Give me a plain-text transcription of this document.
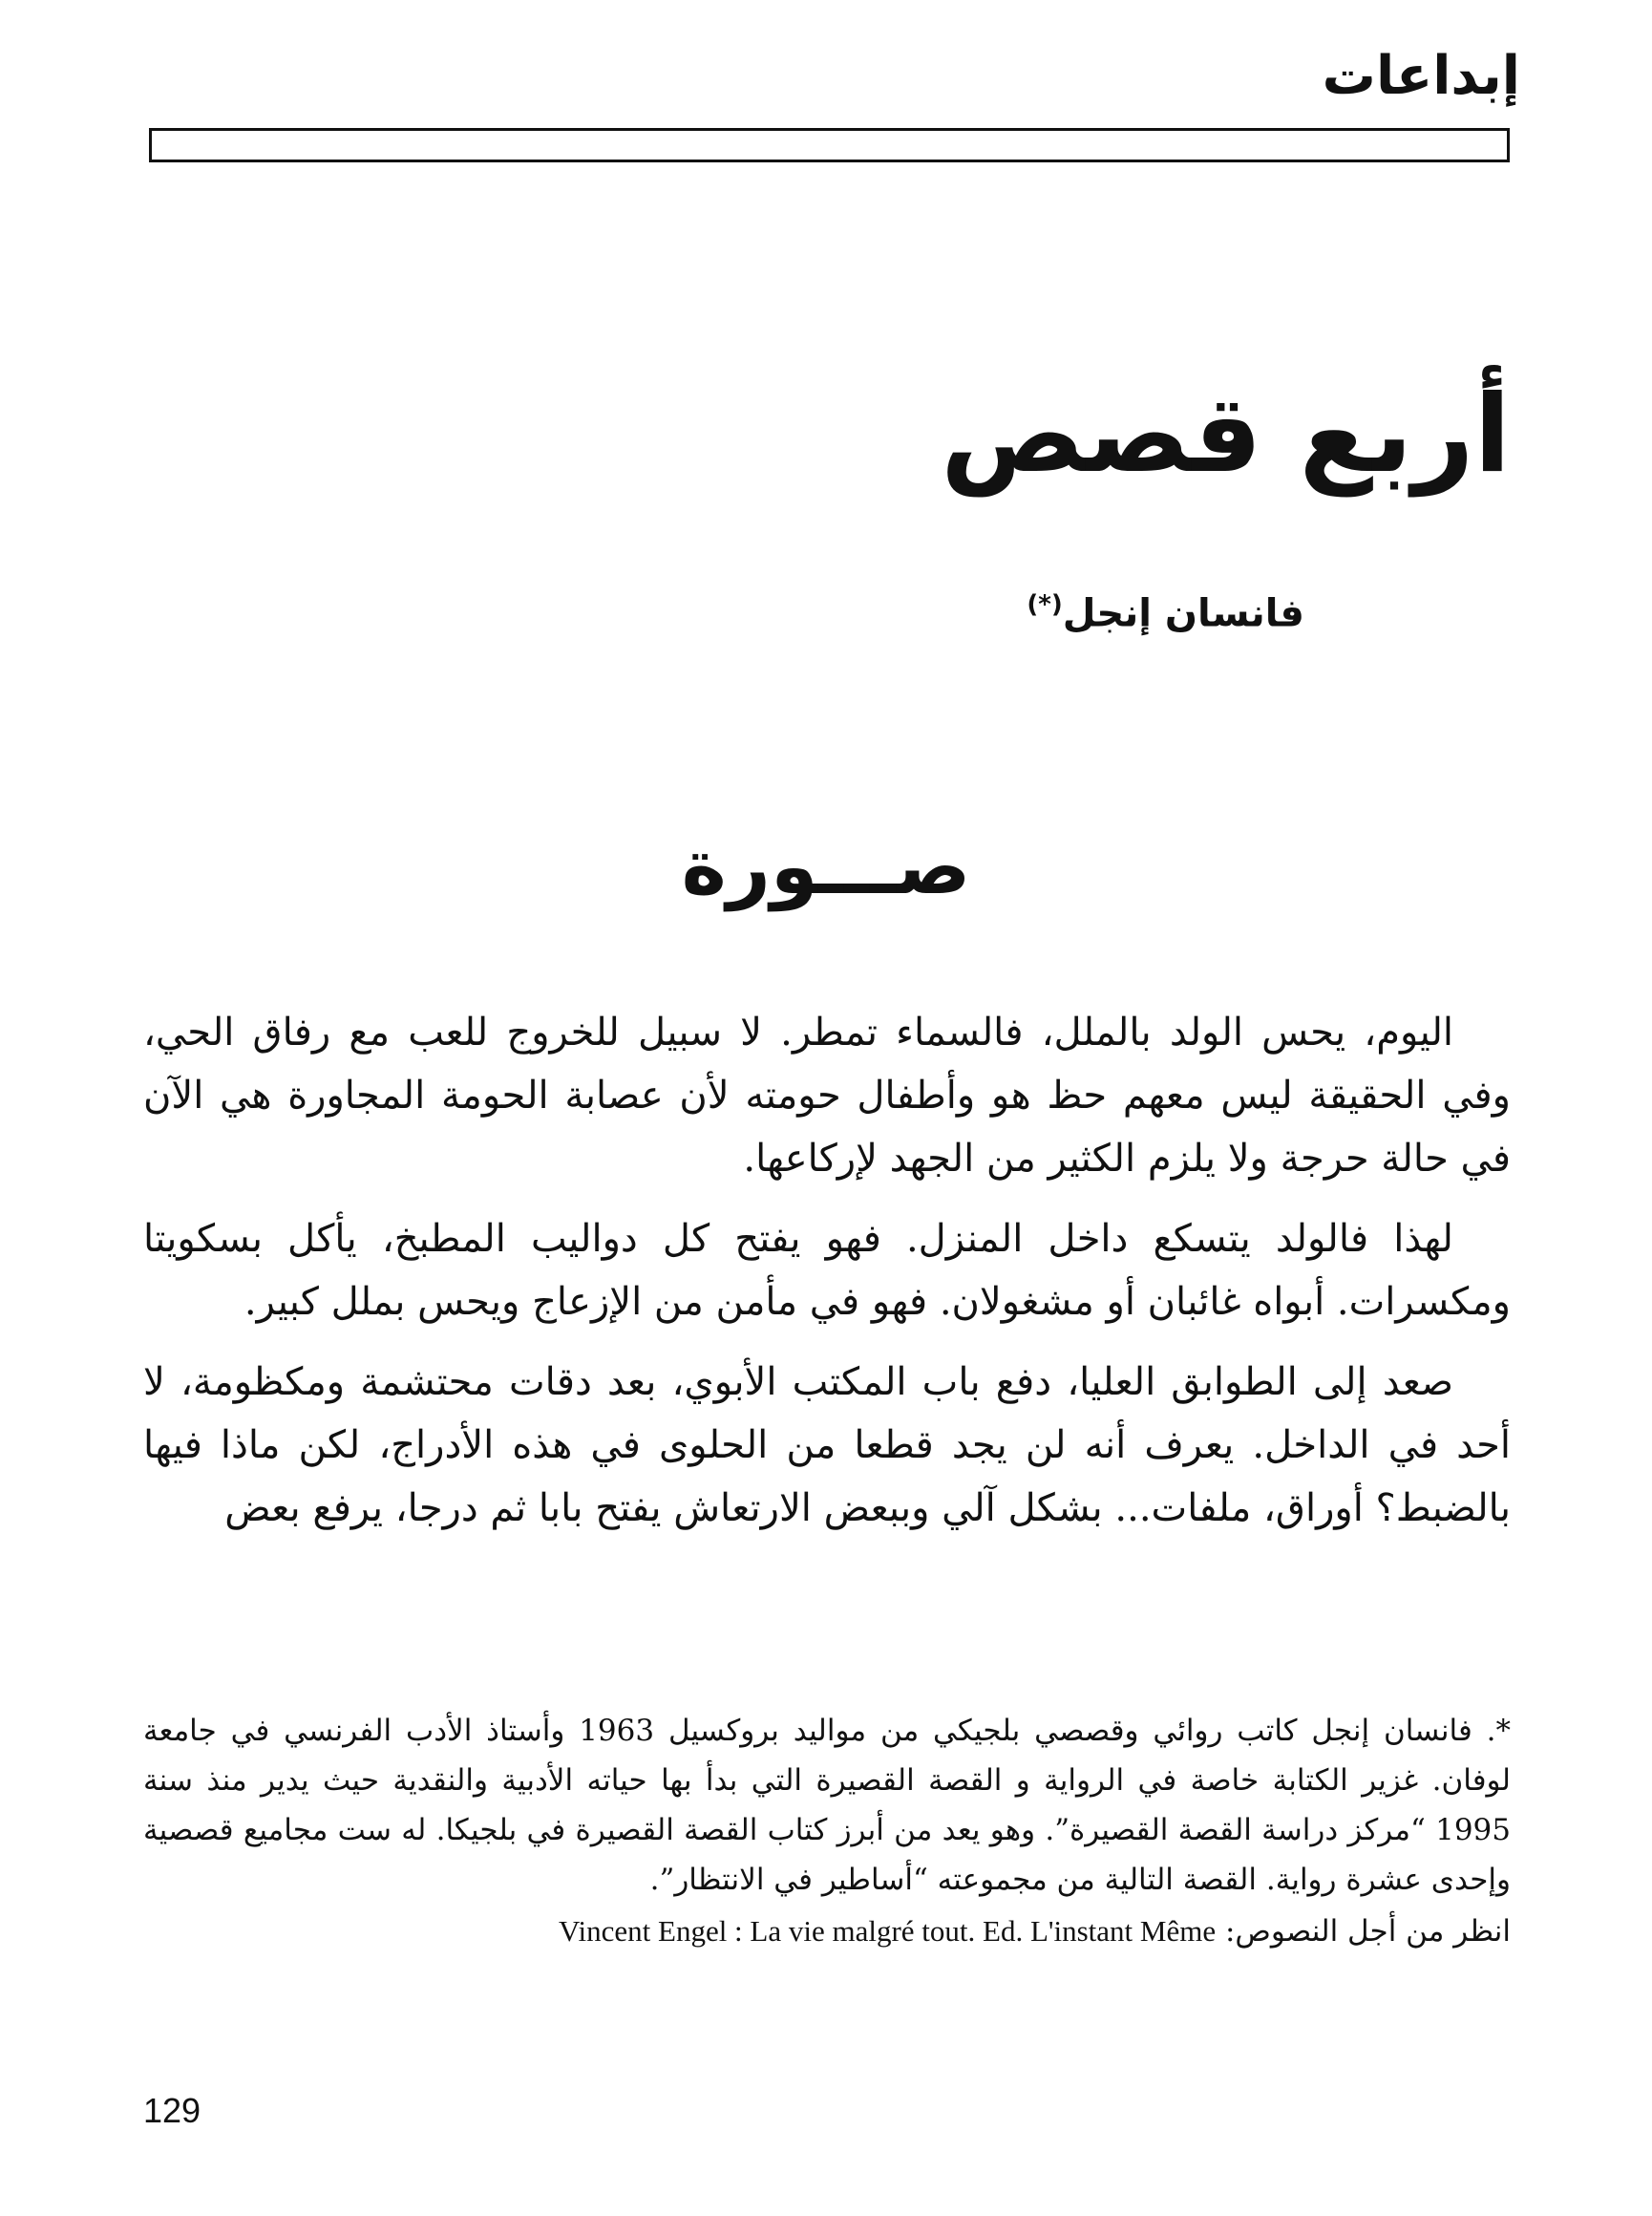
إبداعات
أربع قصص
فانسان إنجل(*)
صـــورة

اليوم، يحس الولد بالملل، فالسماء تمطر. لا سبيل للخروج للعب مع رفاق الحي، وفي الحقيقة ليس معهم حظ هو وأطفال حومته لأن عصابة الحومة المجاورة هي الآن في حالة حرجة ولا يلزم الكثير من الجهد لإركاعها.

لهذا فالولد يتسكع داخل المنزل. فهو يفتح كل دواليب المطبخ، يأكل بسكويتا ومكسرات. أبواه غائبان أو مشغولان. فهو في مأمن من الإزعاج ويحس بملل كبير.

صعد إلى الطوابق العليا، دفع باب المكتب الأبوي، بعد دقات محتشمة ومكظومة، لا أحد في الداخل. يعرف أنه لن يجد قطعا من الحلوى في هذه الأدراج، لكن ماذا فيها بالضبط؟ أوراق، ملفات... بشكل آلي وببعض الارتعاش يفتح بابا ثم درجا، يرفع بعض

*. فانسان إنجل كاتب روائي وقصصي بلجيكي من مواليد بروكسيل 1963 وأستاذ الأدب الفرنسي في جامعة لوفان. غزير الكتابة خاصة في الرواية و القصة القصيرة التي بدأ بها حياته الأدبية والنقدية حيث يدير منذ سنة 1995 “مركز دراسة القصة القصيرة”. وهو يعد من أبرز كتاب القصة القصيرة في بلجيكا. له ست مجاميع قصصية وإحدى عشرة رواية. القصة التالية من مجموعته “أساطير في الانتظار”.

انظر من أجل النصوص: Vincent Engel : La vie malgré tout. Ed. L'instant Même

129
